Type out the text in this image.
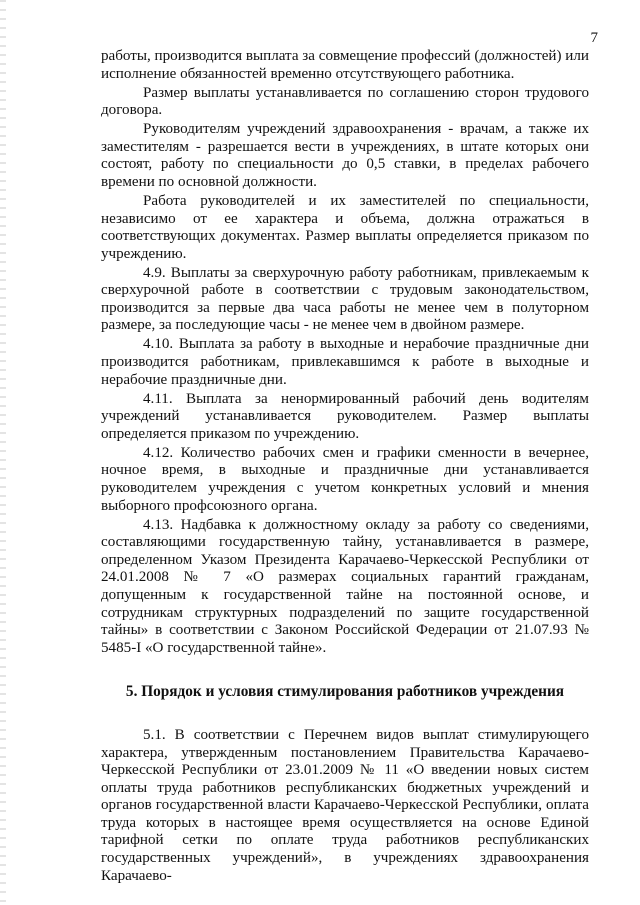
7

работы, производится выплата за совмещение профессий (должностей) или исполнение обязанностей временно отсутствующего работника.

Размер выплаты устанавливается по соглашению сторон трудового договора.

Руководителям учреждений здравоохранения - врачам, а также их заместителям - разрешается вести в учреждениях, в штате которых они состоят, работу по специальности до 0,5 ставки, в пределах рабочего времени по основной должности.

Работа руководителей и их заместителей по специальности, независимо от ее характера и объема, должна отражаться в соответствующих документах. Размер выплаты определяется приказом по учреждению.

4.9. Выплаты за сверхурочную работу работникам, привлекаемым к сверхурочной работе в соответствии с трудовым законодательством, производится за первые два часа работы не менее чем в полуторном размере, за последующие часы - не менее чем в двойном размере.

4.10. Выплата за работу в выходные и нерабочие праздничные дни производится работникам, привлекавшимся к работе в выходные и нерабочие праздничные дни.

4.11. Выплата за ненормированный рабочий день водителям учреждений устанавливается руководителем. Размер выплаты определяется приказом по учреждению.

4.12. Количество рабочих смен и графики сменности в вечернее, ночное время, в выходные и праздничные дни устанавливается руководителем учреждения с учетом конкретных условий и мнения выборного профсоюзного органа.

4.13. Надбавка к должностному окладу за работу со сведениями, составляющими государственную тайну, устанавливается в размере, определенном Указом Президента Карачаево-Черкесской Республики от 24.01.2008 № 7 «О размерах социальных гарантий гражданам, допущенным к государственной тайне на постоянной основе, и сотрудникам структурных подразделений по защите государственной тайны» в соответствии с Законом Российской Федерации от 21.07.93 № 5485-I «О государственной тайне».

5. Порядок и условия стимулирования работников учреждения

5.1. В соответствии с Перечнем видов выплат стимулирующего характера, утвержденным постановлением Правительства Карачаево-Черкесской Республики от 23.01.2009 № 11 «О введении новых систем оплаты труда работников республиканских бюджетных учреждений и органов государственной власти Карачаево-Черкесской Республики, оплата труда которых в настоящее время осуществляется на основе Единой тарифной сетки по оплате труда работников республиканских государственных учреждений», в учреждениях здравоохранения Карачаево-
